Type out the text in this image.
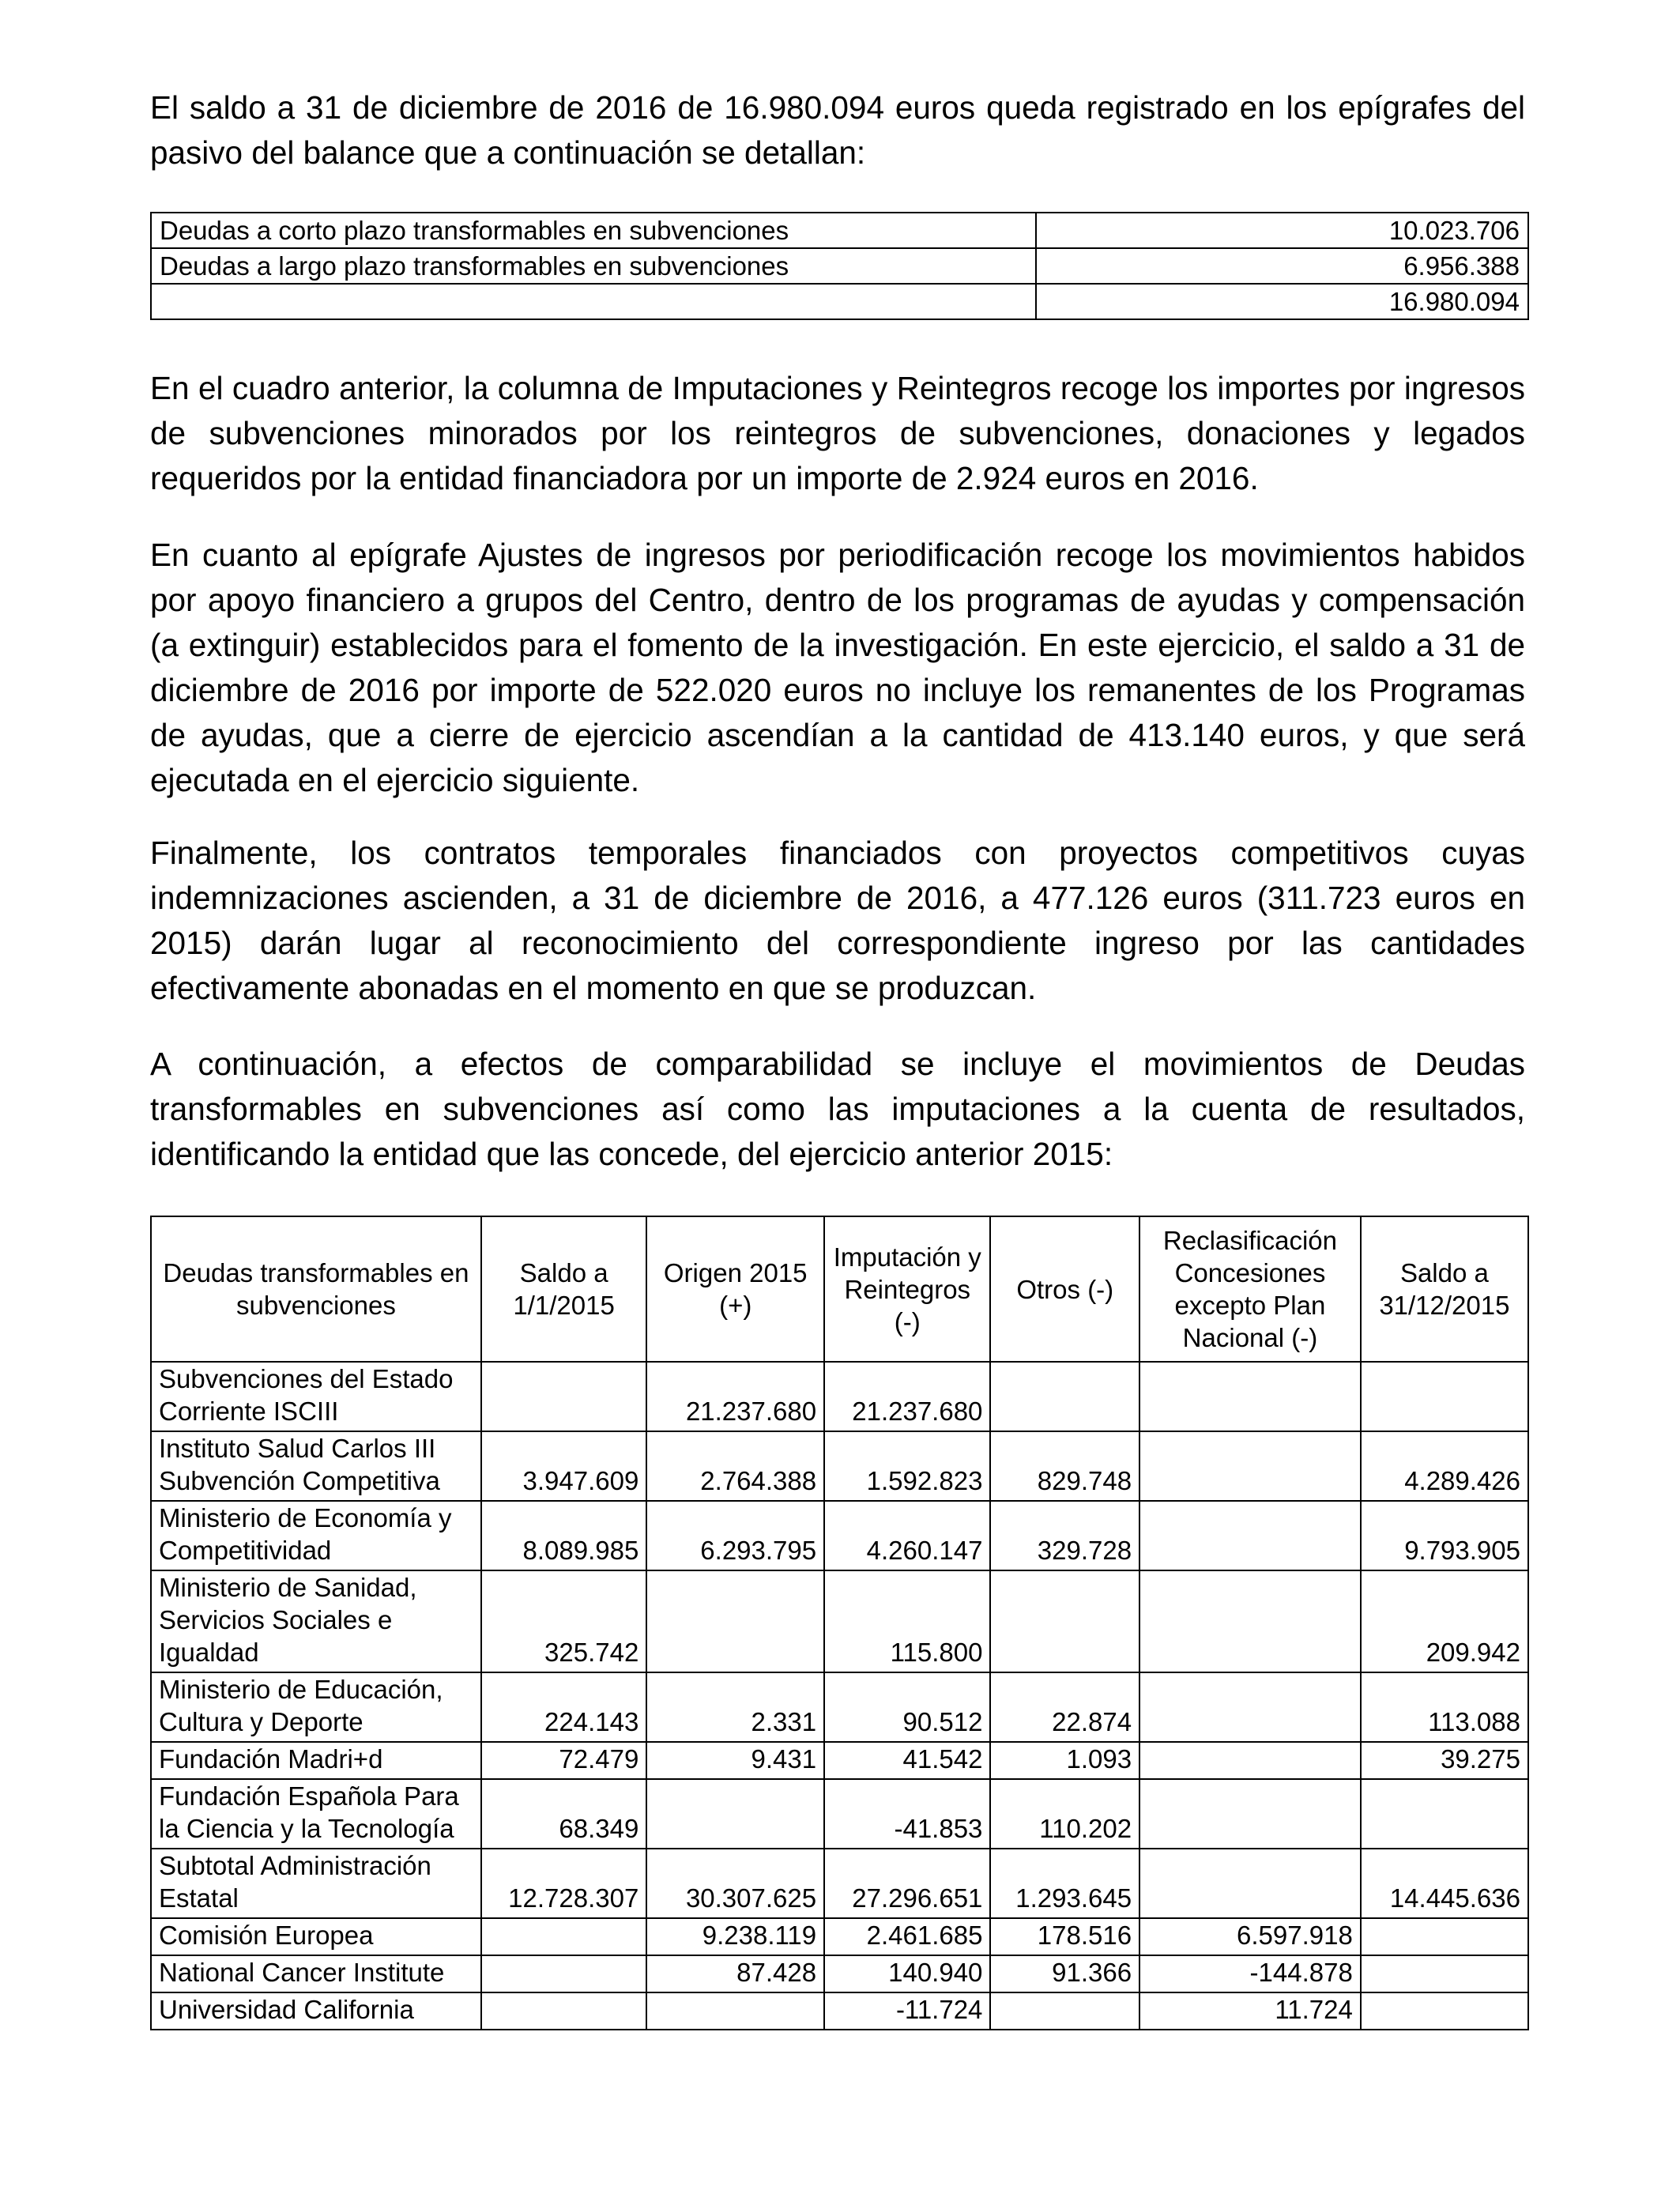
El saldo a 31 de diciembre de 2016 de 16.980.094 euros queda registrado en los epígrafes del pasivo del balance que a continuación se detallan:

Deudas a corto plazo transformables en subvenciones	10.023.706
Deudas a largo plazo transformables en subvenciones	6.956.388
	16.980.094

En el cuadro anterior, la columna de Imputaciones y Reintegros recoge los importes por ingresos de subvenciones minorados por los reintegros de subvenciones, donaciones y legados requeridos por la entidad financiadora por un importe de 2.924 euros en 2016.

En cuanto al epígrafe Ajustes de ingresos por periodificación recoge los movimientos habidos por apoyo financiero a grupos del Centro, dentro de los programas de ayudas y compensación (a extinguir) establecidos para el fomento de la investigación. En este ejercicio, el saldo a 31 de diciembre de 2016 por importe de 522.020 euros no incluye los remanentes de los Programas de ayudas, que a cierre de ejercicio ascendían a la cantidad de 413.140 euros, y que será ejecutada en el ejercicio siguiente.

Finalmente, los contratos temporales financiados con proyectos competitivos cuyas indemnizaciones ascienden, a 31 de diciembre de 2016, a 477.126 euros (311.723 euros en 2015) darán lugar al reconocimiento del correspondiente ingreso por las cantidades efectivamente abonadas en el momento en que se produzcan.

A continuación, a efectos de comparabilidad se incluye el movimientos de Deudas transformables en subvenciones así como las imputaciones a la cuenta de resultados, identificando la entidad que las concede, del ejercicio anterior 2015:

Deudas transformables en subvenciones	Saldo a 1/1/2015	Origen 2015 (+)	Imputación y Reintegros (-)	Otros (-)	Reclasificación Concesiones excepto Plan Nacional (-)	Saldo a 31/12/2015
Subvenciones del Estado Corriente ISCIII		21.237.680	21.237.680			
Instituto Salud Carlos III Subvención Competitiva	3.947.609	2.764.388	1.592.823	829.748		4.289.426
Ministerio de Economía y Competitividad	8.089.985	6.293.795	4.260.147	329.728		9.793.905
Ministerio de Sanidad, Servicios Sociales e Igualdad	325.742		115.800			209.942
Ministerio de Educación, Cultura y Deporte	224.143	2.331	90.512	22.874		113.088
Fundación Madri+d	72.479	9.431	41.542	1.093		39.275
Fundación Española Para la Ciencia y la Tecnología	68.349		-41.853	110.202		
Subtotal Administración Estatal	12.728.307	30.307.625	27.296.651	1.293.645		14.445.636
Comisión Europea		9.238.119	2.461.685	178.516	6.597.918	
National Cancer Institute		87.428	140.940	91.366	-144.878	
Universidad California			-11.724		11.724	
